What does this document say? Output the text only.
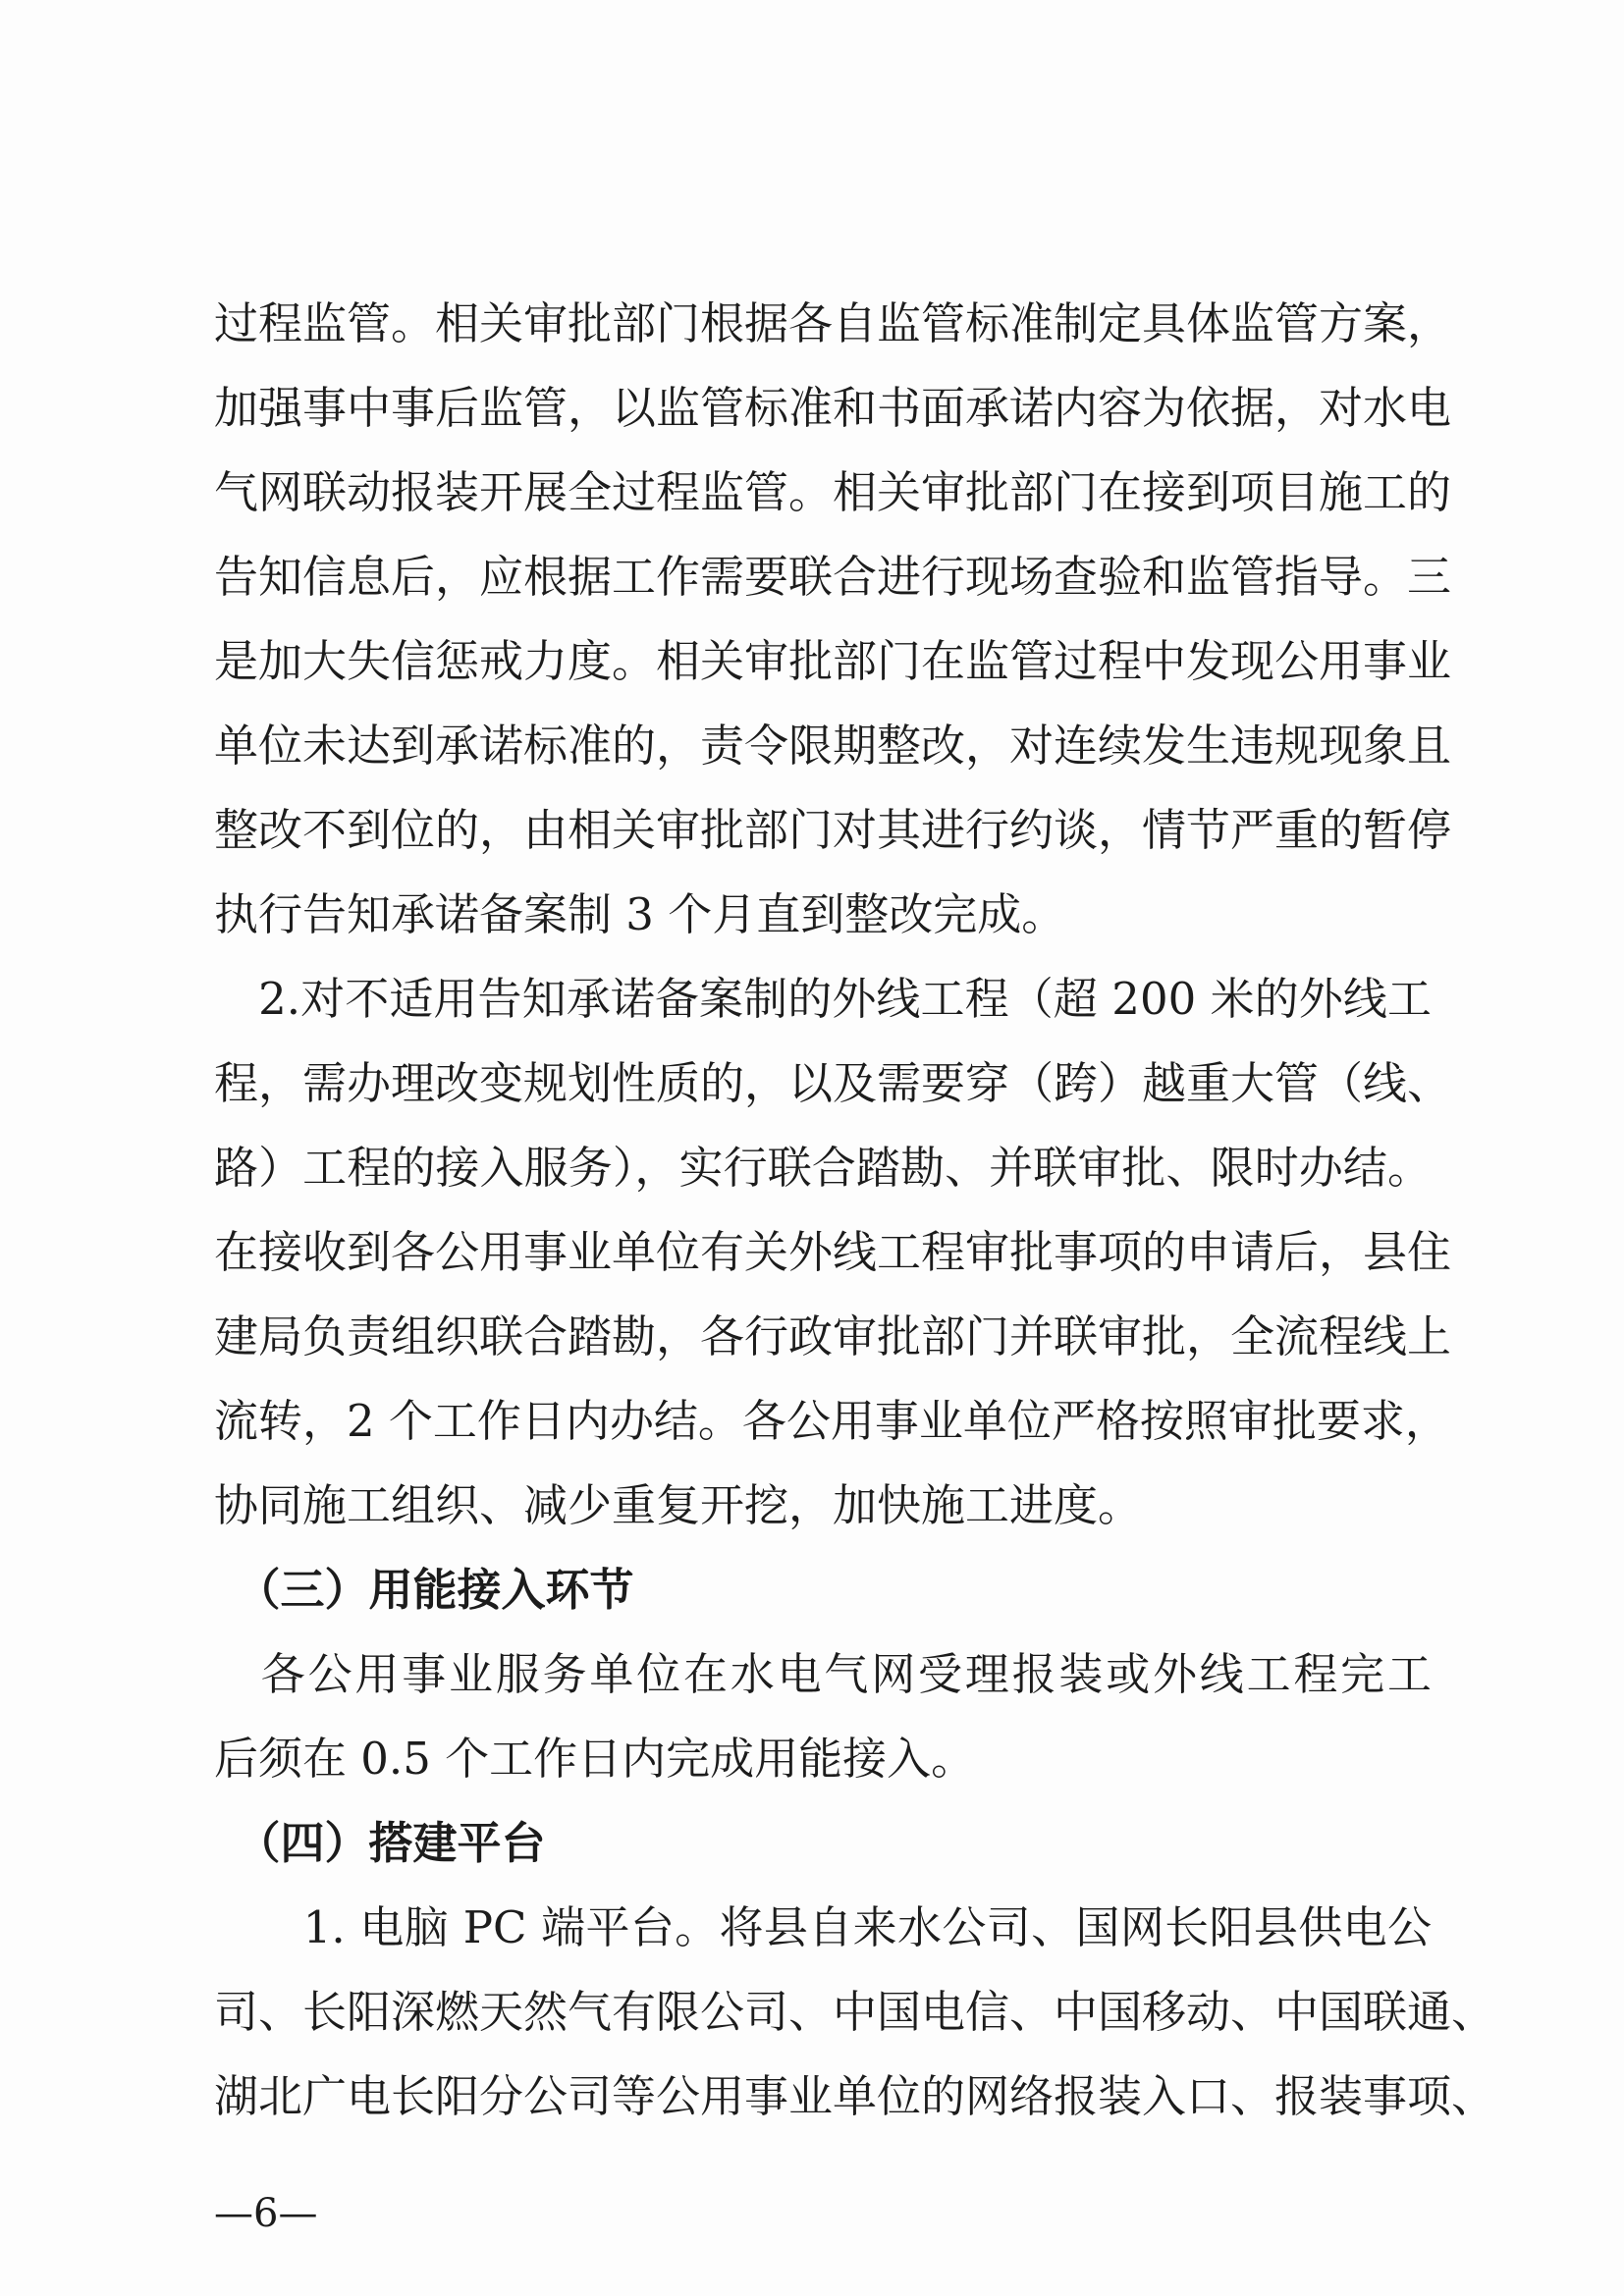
过程监管。相关审批部门根据各自监管标准制定具体监管方案，
加强事中事后监管，以监管标准和书面承诺内容为依据，对水电
气网联动报装开展全过程监管。相关审批部门在接到项目施工的
告知信息后，应根据工作需要联合进行现场查验和监管指导。三
是加大失信惩戒力度。相关审批部门在监管过程中发现公用事业
单位未达到承诺标准的，责令限期整改，对连续发生违规现象且
整改不到位的，由相关审批部门对其进行约谈，情节严重的暂停
执行告知承诺备案制 3 个月直到整改完成。
　2.对不适用告知承诺备案制的外线工程（超 200 米的外线工
程，需办理改变规划性质的，以及需要穿（跨）越重大管（线、
路）工程的接入服务），实行联合踏勘、并联审批、限时办结。
在接收到各公用事业单位有关外线工程审批事项的申请后，县住
建局负责组织联合踏勘，各行政审批部门并联审批，全流程线上
流转，2 个工作日内办结。各公用事业单位严格按照审批要求，
协同施工组织、减少重复开挖，加快施工进度。
　（三）用能接入环节
　各公用事业服务单位在水电气网受理报装或外线工程完工
后须在 0.5 个工作日内完成用能接入。
　（四）搭建平台
　　1. 电脑 PC 端平台。将县自来水公司、国网长阳县供电公
司、长阳深燃天然气有限公司、中国电信、中国移动、中国联通、
湖北广电长阳分公司等公用事业单位的网络报装入口、报装事项、
—6—
